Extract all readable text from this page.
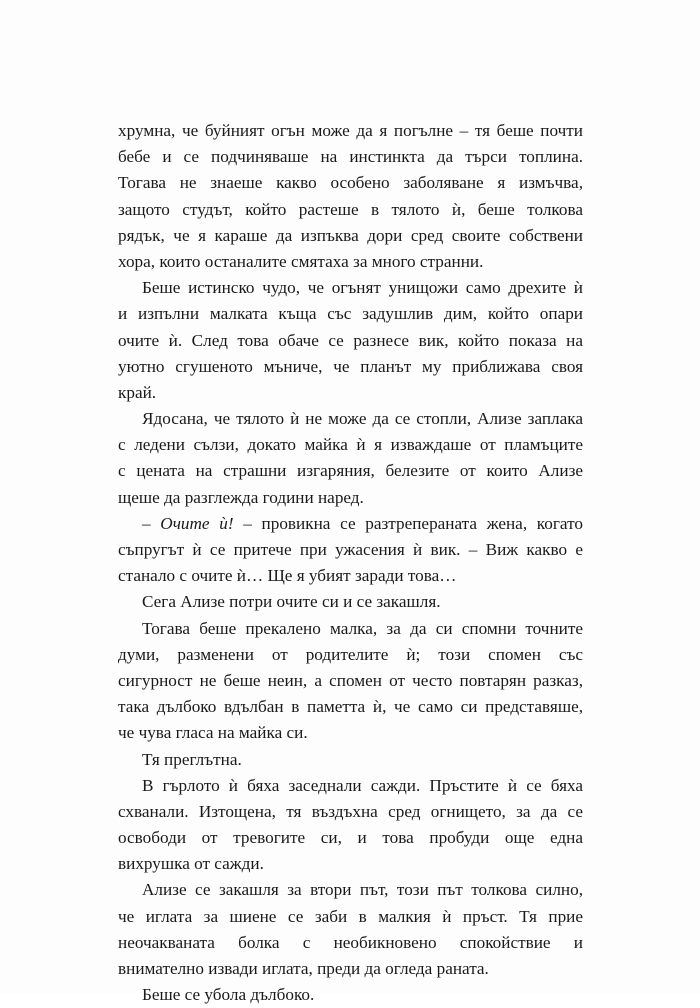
хрумна, че буйният огън може да я погълне – тя беше почти
бебе и се подчиняваше на инстинкта да търси топлина.
Тогава не знаеше какво особено заболяване я измъчва,
защото студът, който растеше в тялото ѝ, беше толкова
рядък, че я караше да изпъква дори сред своите собствени
хора, които останалите смятаха за много странни.
Беше истинско чудо, че огънят унищожи само дрехите ѝ
и изпълни малката къща със задушлив дим, който опари
очите ѝ. След това обаче се разнесе вик, който показа на
уютно сгушеното мъниче, че планът му приближава своя
край.
Ядосана, че тялото ѝ не може да се стопли, Ализе заплака
с ледени сълзи, докато майка ѝ я изваждаше от пламъците
с цената на страшни изгаряния, белезите от които Ализе
щеше да разглежда години наред.
– Очите ѝ! – провикна се разтрепераната жена, когато
съпругът ѝ се притече при ужасения ѝ вик. – Виж какво е
станало с очите ѝ… Ще я убият заради това…
Сега Ализе потри очите си и се закашля.
Тогава беше прекалено малка, за да си спомни точните
думи, разменени от родителите ѝ; този спомен със
сигурност не беше неин, а спомен от често повтарян разказ,
така дълбоко вдълбан в паметта ѝ, че само си представяше,
че чува гласа на майка си.
Тя преглътна.
В гърлото ѝ бяха заседнали сажди. Пръстите ѝ се бяха
схванали. Изтощена, тя въздъхна сред огнището, за да се
освободи от тревогите си, и това пробуди още една
вихрушка от сажди.
Ализе се закашля за втори път, този път толкова силно,
че иглата за шиене се заби в малкия ѝ пръст. Тя прие
неочакваната болка с необикновено спокойствие и
внимателно извади иглата, преди да огледа раната.
Беше се убола дълбоко.
